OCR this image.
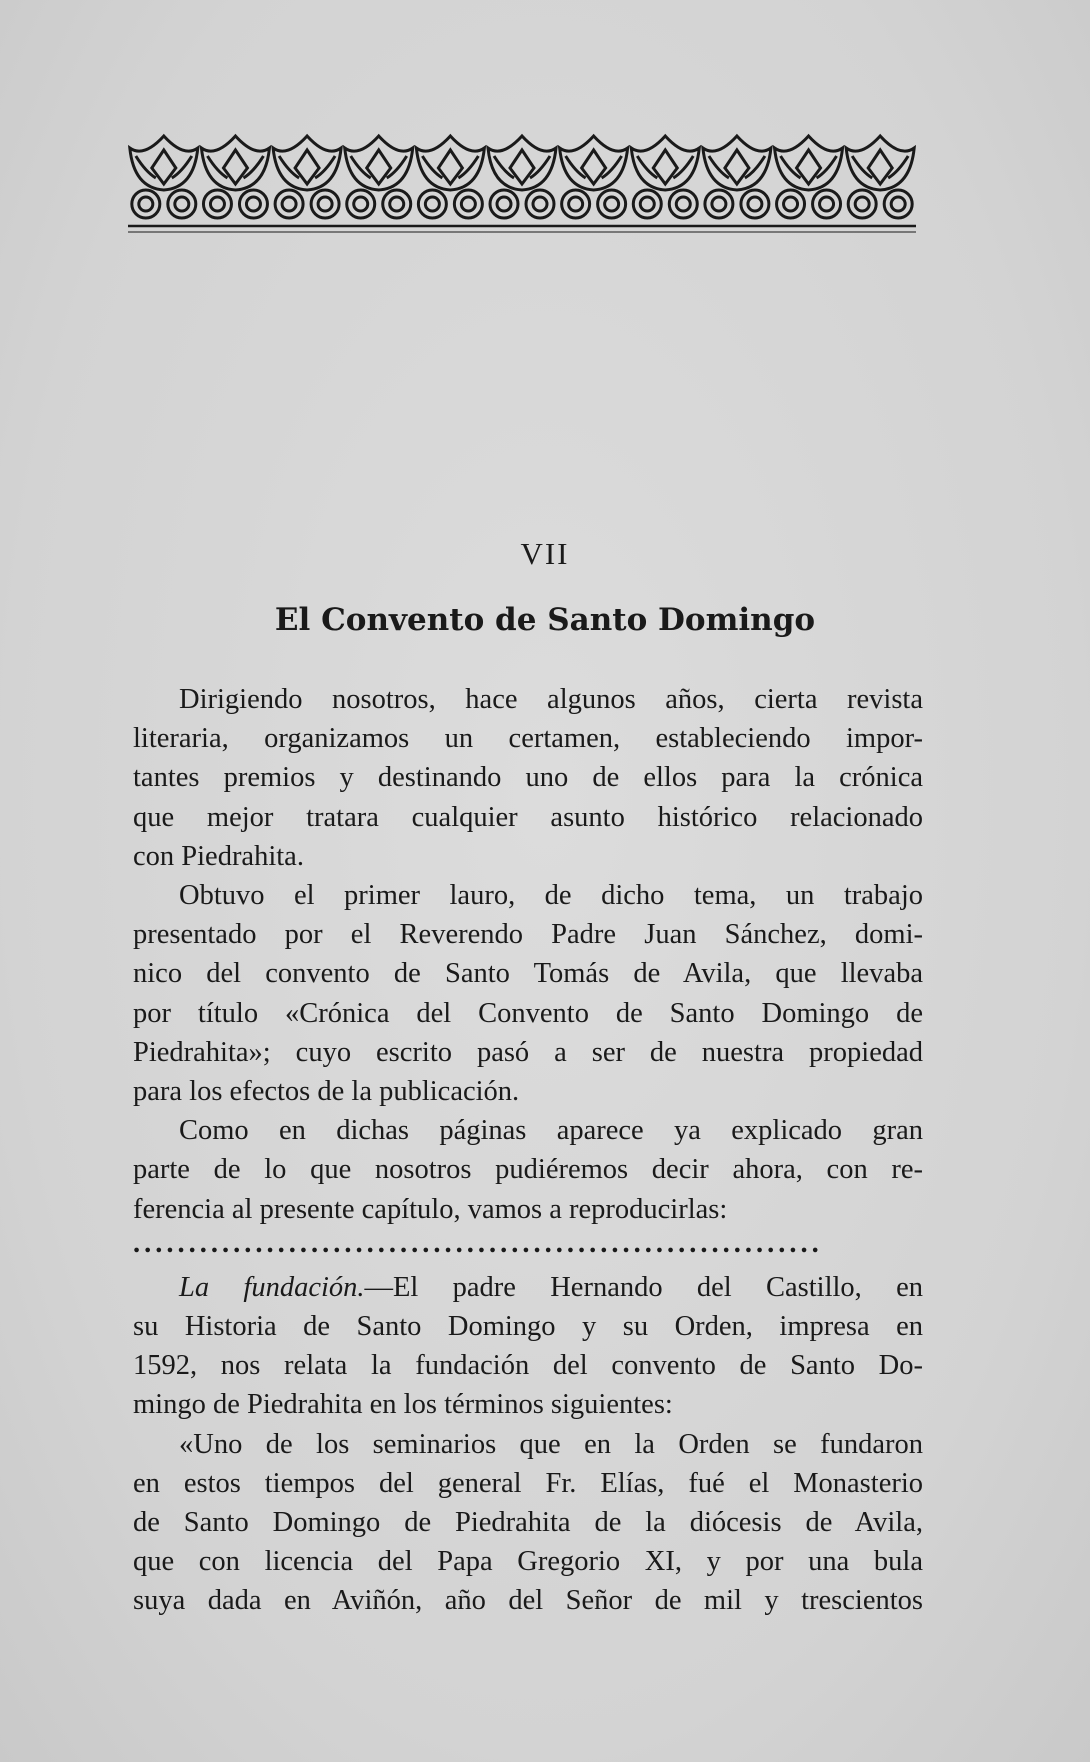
VII
El Convento de Santo Domingo
Dirigiendo nosotros, hace algunos años, cierta revista
literaria, organizamos un certamen, estableciendo impor-
tantes premios y destinando uno de ellos para la crónica
que mejor tratara cualquier asunto histórico relacionado
con Piedrahita.
Obtuvo el primer lauro, de dicho tema, un trabajo
presentado por el Reverendo Padre Juan Sánchez, domi-
nico del convento de Santo Tomás de Avila, que llevaba
por título «Crónica del Convento de Santo Domingo de
Piedrahita»; cuyo escrito pasó a ser de nuestra propiedad
para los efectos de la publicación.
Como en dichas páginas aparece ya explicado gran
parte de lo que nosotros pudiéremos decir ahora, con re-
ferencia al presente capítulo, vamos a reproducirlas:
..............................................................
La fundación.—El padre Hernando del Castillo, en
su Historia de Santo Domingo y su Orden, impresa en
1592, nos relata la fundación del convento de Santo Do-
mingo de Piedrahita en los términos siguientes:
«Uno de los seminarios que en la Orden se fundaron
en estos tiempos del general Fr. Elías, fué el Monasterio
de Santo Domingo de Piedrahita de la diócesis de Avila,
que con licencia del Papa Gregorio XI, y por una bula
suya dada en Aviñón, año del Señor de mil y trescientos
